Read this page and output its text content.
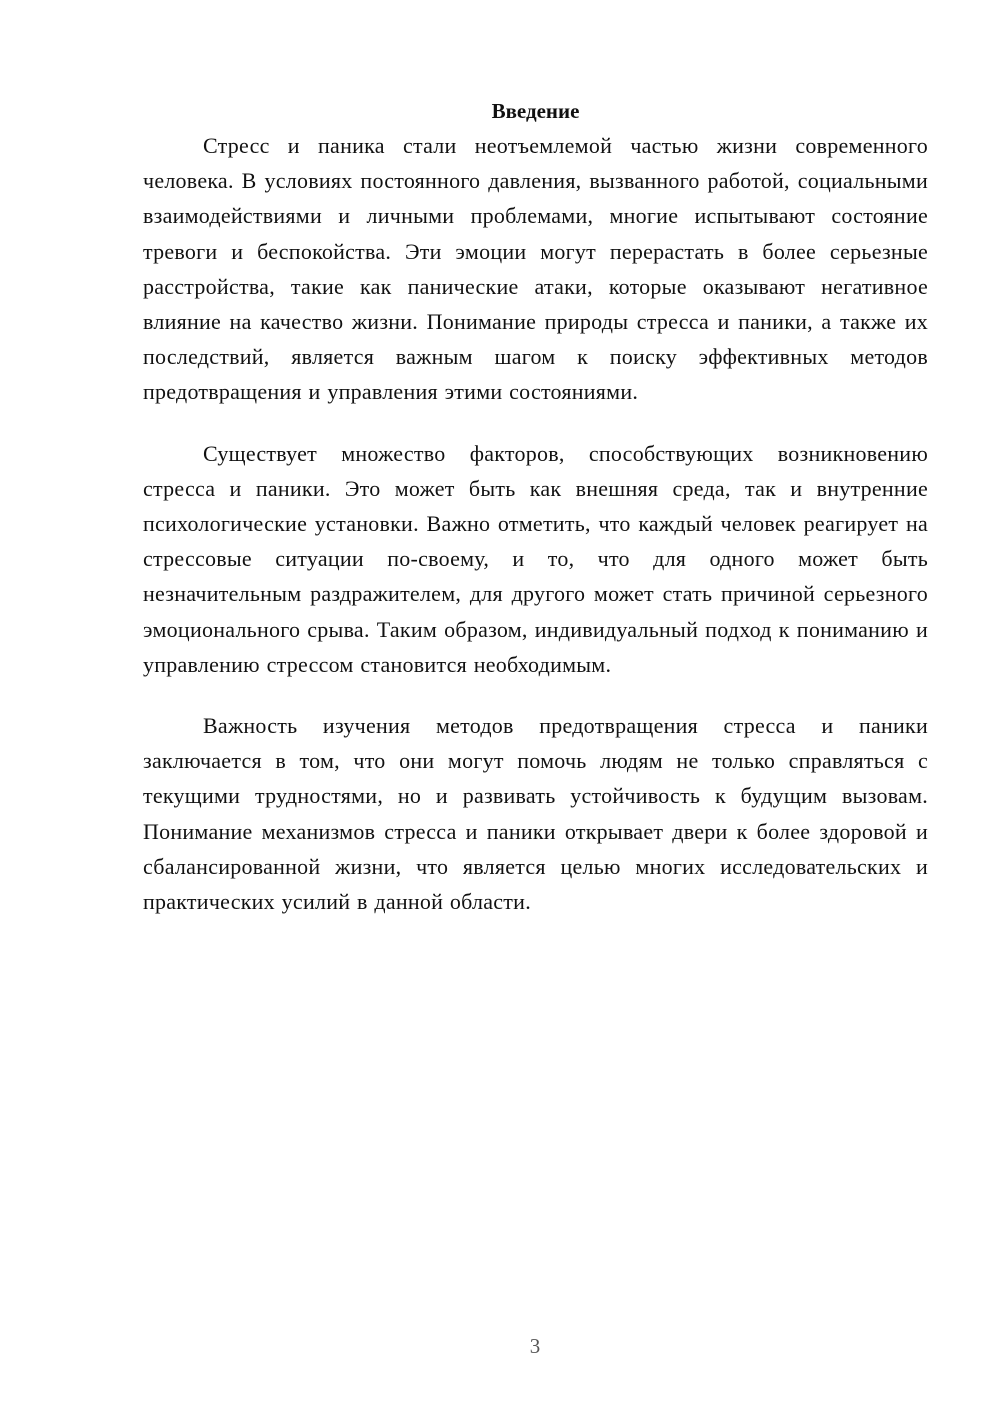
Введение

Стресс и паника стали неотъемлемой частью жизни современного человека. В условиях постоянного давления, вызванного работой, социальными взаимодействиями и личными проблемами, многие испытывают состояние тревоги и беспокойства. Эти эмоции могут перерастать в более серьезные расстройства, такие как панические атаки, которые оказывают негативное влияние на качество жизни. Понимание природы стресса и паники, а также их последствий, является важным шагом к поиску эффективных методов предотвращения и управления этими состояниями.

Существует множество факторов, способствующих возникновению стресса и паники. Это может быть как внешняя среда, так и внутренние психологические установки. Важно отметить, что каждый человек реагирует на стрессовые ситуации по-своему, и то, что для одного может быть незначительным раздражителем, для другого может стать причиной серьезного эмоционального срыва. Таким образом, индивидуальный подход к пониманию и управлению стрессом становится необходимым.

Важность изучения методов предотвращения стресса и паники заключается в том, что они могут помочь людям не только справляться с текущими трудностями, но и развивать устойчивость к будущим вызовам. Понимание механизмов стресса и паники открывает двери к более здоровой и сбалансированной жизни, что является целью многих исследовательских и практических усилий в данной области.

3
